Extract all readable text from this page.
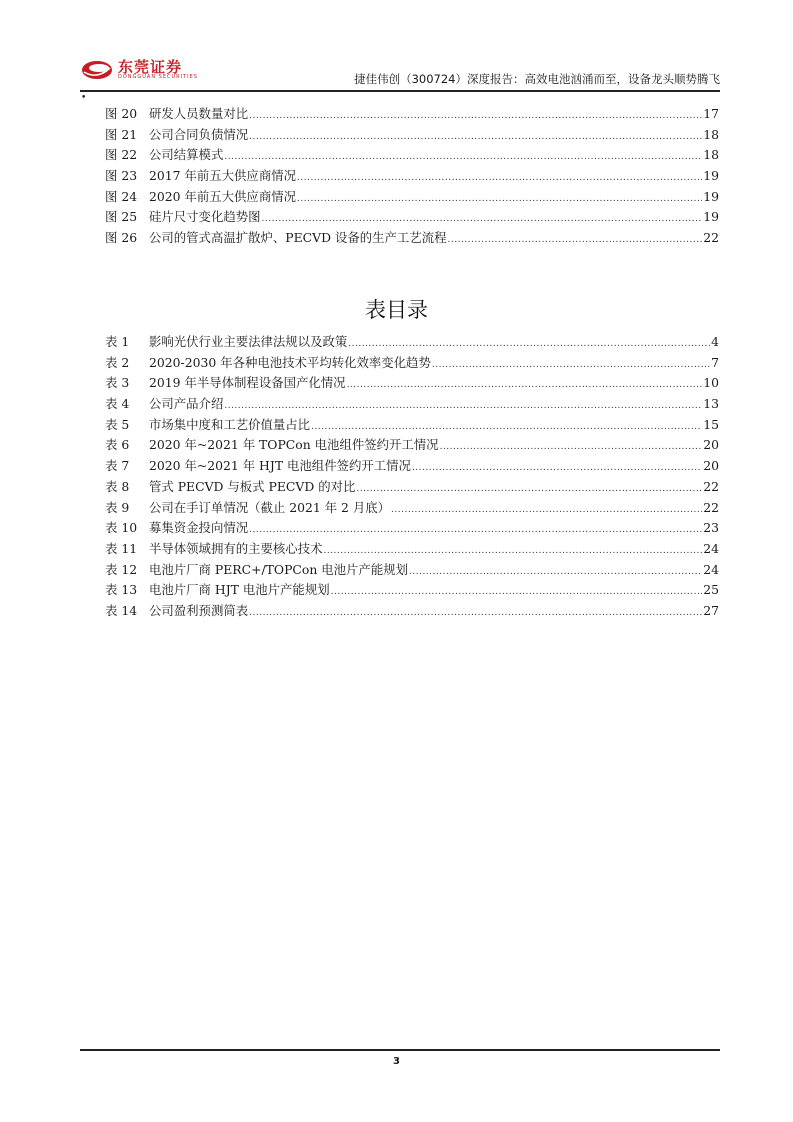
东莞证券
DONGGUAN SECURITIES	捷佳伟创（300724）深度报告：高效电池汹涌而至，设备龙头顺势腾飞
•
图 20 研发人员数量对比 .....	17
图 21 公司合同负债情况 .....	18
图 22 公司结算模式 .....	18
图 23 2017 年前五大供应商情况 .....	19
图 24 2020 年前五大供应商情况 .....	19
图 25 硅片尺寸变化趋势图 .....	19
图 26 公司的管式高温扩散炉、PECVD 设备的生产工艺流程 .....	22
表目录
表 1	影响光伏行业主要法律法规以及政策 .....	4
表 2	2020-2030 年各种电池技术平均转化效率变化趋势 .....	7
表 3	2019 年半导体制程设备国产化情况 .....	10
表 4	公司产品介绍 .....	13
表 5	市场集中度和工艺价值量占比 .....	15
表 6	2020 年~2021 年 TOPCon 电池组件签约开工情况 .....	20
表 7	2020 年~2021 年 HJT 电池组件签约开工情况 .....	20
表 8	管式 PECVD 与板式 PECVD 的对比 .....	22
表 9	公司在手订单情况（截止 2021 年 2 月底） .....	22
表 10 募集资金投向情况 .....	23
表 11 半导体领域拥有的主要核心技术 .....	24
表 12 电池片厂商 PERC+/TOPCon 电池片产能规划 .....	24
表 13 电池片厂商 HJT 电池片产能规划 .....	25
表 14 公司盈利预测简表 .....	27
3
